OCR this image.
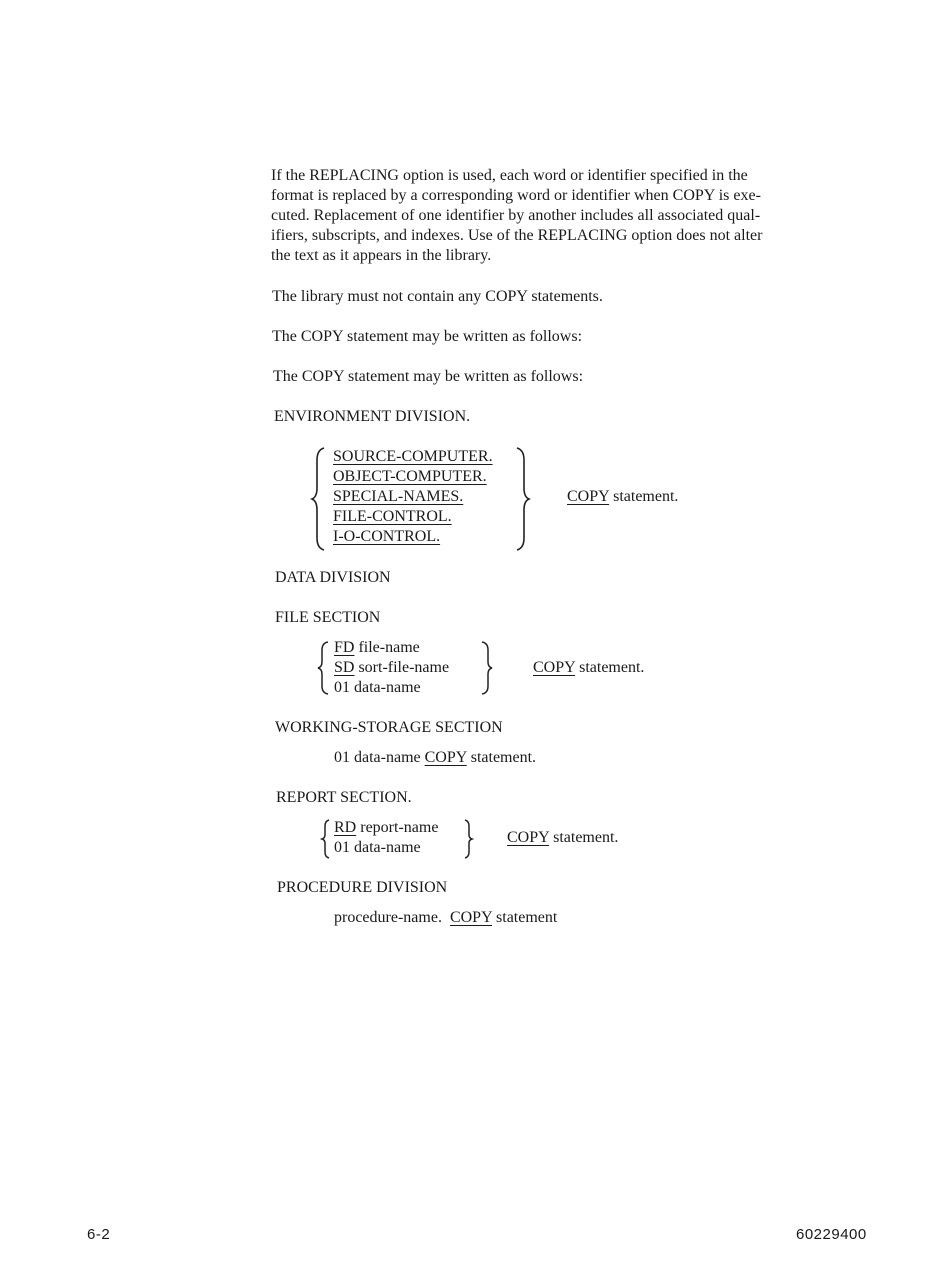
If the REPLACING option is used, each word or identifier specified in the
format is replaced by a corresponding word or identifier when COPY is exe-
cuted. Replacement of one identifier by another includes all associated qual-
ifiers, subscripts, and indexes. Use of the REPLACING option does not alter
the text as it appears in the library.
The library must not contain any COPY statements.
The COPY statement may be written as follows:
The COPY statement may be written as follows:
ENVIRONMENT DIVISION.
SOURCE-COMPUTER.
OBJECT-COMPUTER.
SPECIAL-NAMES.
FILE-CONTROL.
I-O-CONTROL.
COPY statement.
DATA DIVISION
FILE SECTION
FD file-name
SD sort-file-name
01 data-name
COPY statement.
WORKING-STORAGE SECTION
01 data-name COPY statement.
REPORT SECTION.
RD report-name
01 data-name
COPY statement.
PROCEDURE DIVISION
procedure-name. COPY statement
6-2	60229400
